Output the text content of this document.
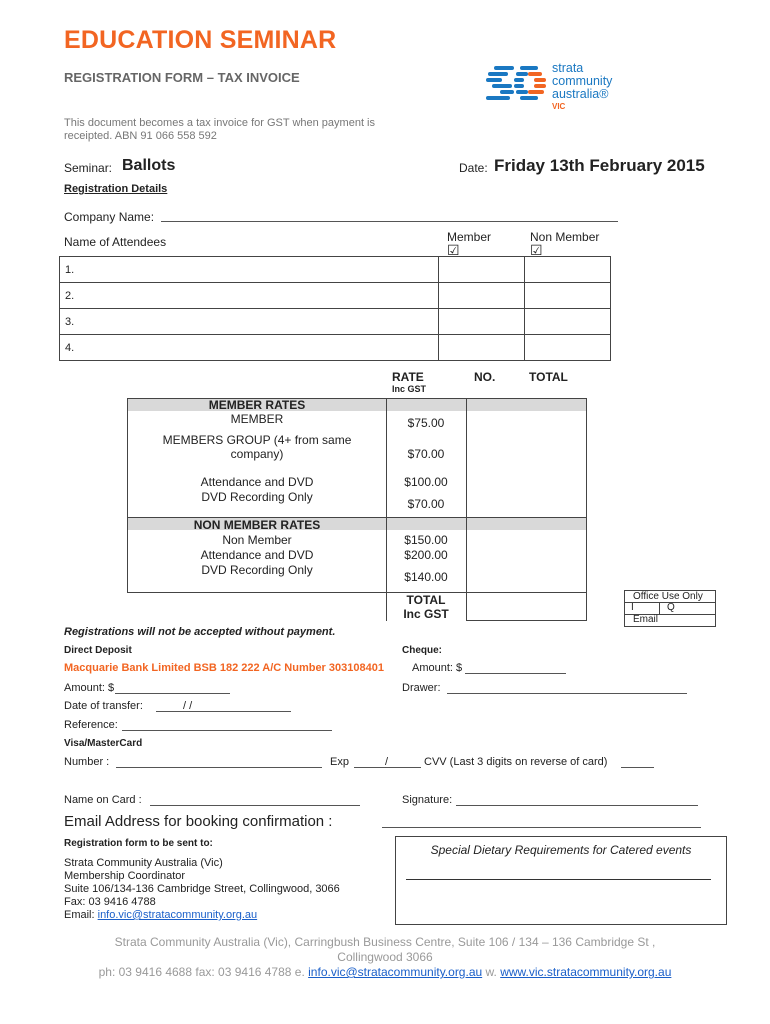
EDUCATION SEMINAR
REGISTRATION FORM – TAX INVOICE
This document becomes a tax invoice for GST when payment is receipted. ABN 91 066 558 592
strata
community
australia®
VIC
Seminar: Ballots	Date: Friday 13th February 2015
Registration Details
Company Name:
Name of Attendees	Member	Non Member
☑	☑
1.		
2.		
3.		
4.		
RATE
Inc GST
NO.	TOTAL
MEMBER RATES
MEMBER	$75.00
MEMBERS GROUP (4+ from same company)	$70.00
Attendance and DVD	$100.00
DVD Recording Only	$70.00
NON MEMBER RATES
Non Member	$150.00
Attendance and DVD	$200.00
DVD Recording Only	$140.00
TOTAL
Inc GST
Office Use Only
I	Q
Email
Registrations will not be accepted without payment.
Direct Deposit	Cheque:
Macquarie Bank Limited BSB 182 222 A/C Number 303108401	Amount: $
Amount: $	Drawer:
Date of transfer:	/ /
Reference:
Visa/MasterCard
Number :	Exp	/	CVV (Last 3 digits on reverse of card)
Name on Card :	Signature:
Email Address for booking confirmation :
Registration form to be sent to:
Strata Community Australia (Vic)
Membership Coordinator
Suite 106/134-136 Cambridge Street, Collingwood, 3066
Fax: 03 9416 4788
Email: info.vic@stratacommunity.org.au
Special Dietary Requirements for Catered events
Strata Community Australia (Vic), Carringbush Business Centre, Suite 106 / 134 – 136 Cambridge St ,
Collingwood 3066
ph: 03 9416 4688 fax: 03 9416 4788 e. info.vic@stratacommunity.org.au w. www.vic.stratacommunity.org.au
